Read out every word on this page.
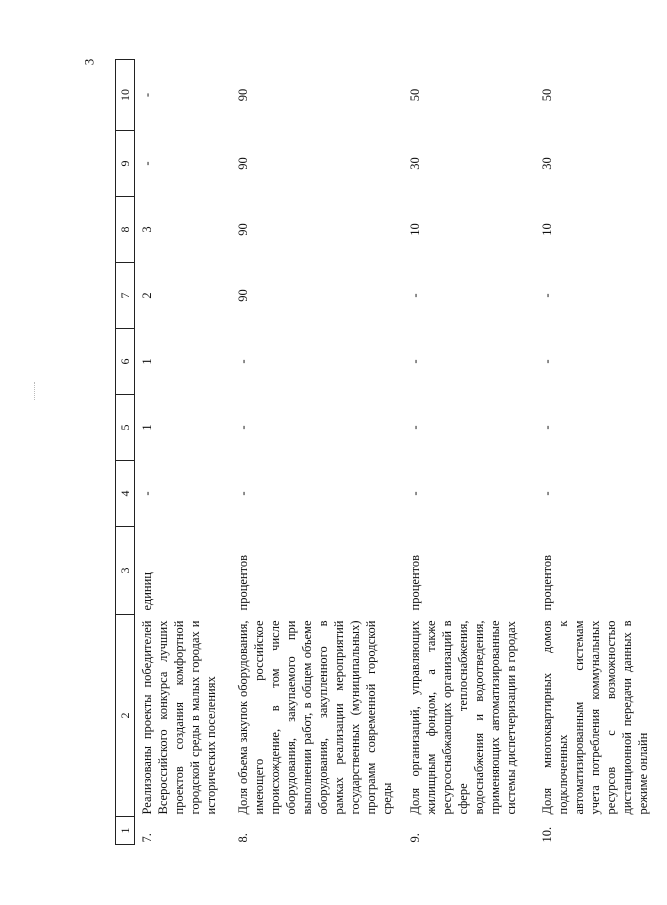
3
1	2	3	4	5	6	7	8	9	10
7.	Реализованы проекты победителей Всероссийского конкурса лучших проектов создания комфортной городской среды в малых городах и исторических поселениях	единиц	-	1	1	2	3	-	-
8.	Доля объема закупок оборудования, имеющего российское происхождение, в том числе оборудования, закупаемого при выполнении работ, в общем объеме оборудования, закупленного в рамках реализации мероприятий государственных (муниципальных) программ современной городской среды	процентов	-	-	-	90	90	90	90
9.	Доля организаций, управляющих жилищным фондом, а также ресурсоснабжающих организаций в сфере теплоснабжения, водоснабжения и водоотведения, применяющих автоматизированные системы диспетчеризации в городах	процентов	-	-	-	-	10	30	50
10.	Доля многоквартирных домов подключенных к автоматизированным системам учета потребления коммунальных ресурсов с возможностью дистанционной передачи данных в режиме онлайн	процентов	-	-	-	-	10	30	50
